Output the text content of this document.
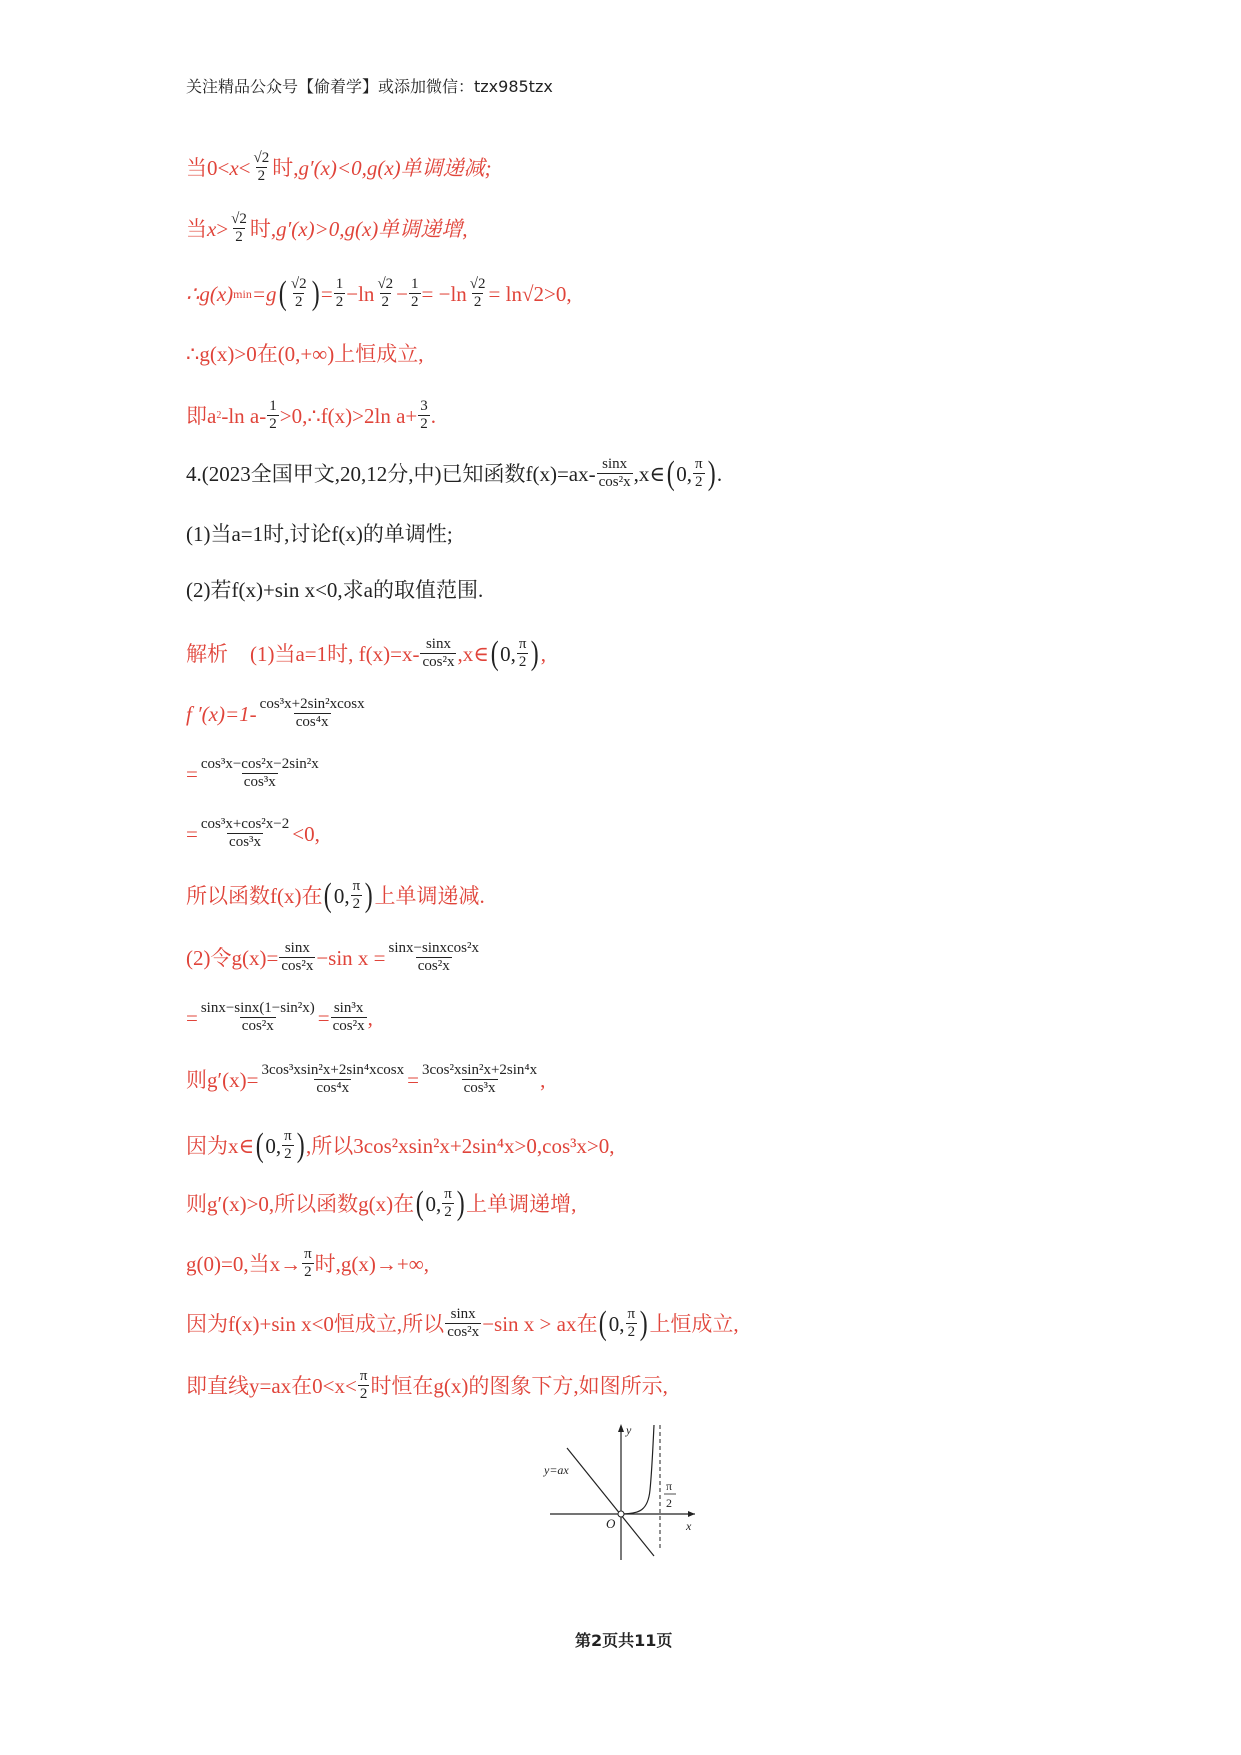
关注精品公众号【偷着学】或添加微信：tzx985tzx
当$0< x < \frac{√2}{2}$ 时, g′(x)<0,g(x)单调递减;
当 $x > \frac{√2}{2}$ 时, g′(x)>0,g(x)单调递增,
∴g(x) min =g ( $\frac{√2}{2}$ ) = $\frac{1}{2} -\ln \frac{√2}{2} - \frac{1}{2} = -\ln \frac{√2}{2} = \ln√2>0$,
∴g(x)>0在(0,+∞)上恒成立,
即a 2 -ln $a- \frac{1}{2}$ >0,∴f(x)>2ln $a+ \frac{3}{2}$ .
4.(2023全国甲文,20,12分,中)已知函数$f(x)=ax- \frac{\sin x}{\text{cos²x}}$ ,x∈ ( 0, $\frac{\pi}{2}$ ) .
(1)当a=1时,讨论f(x)的单调性;
(2)若f(x)+sin x<0,求a的取值范围.
解析 (1)当a=1时, $f(x)=x- \frac{\sin x}{\text{cos²x}}$ ,x∈ ( 0, $\frac{\pi}{2}$ ) ,
f $'(x)=1- \frac{\text{cos³x+2sin²xcosx}}{\text{cos⁴x}}$
= $\frac{\text{cos³x−cos²x−2sin²x}}{\text{cos³x}}$
= $\frac{\text{cos³x+cos²x−2}}{\text{cos³x}} <0$,
所以函数f(x)在 ( 0, $\frac{\pi}{2}$ ) 上单调递减.
(2)令$g(x)= \frac{\sin x}{\text{cos²x}} -\sin$ $x = \frac{\text{sinx−sinxcos²x}}{\text{cos²x}}$
= $\frac{\text{sinx−sinx(1−sin²x)}}{\text{cos²x}} = \frac{\text{sin³x}}{\text{cos²x}}$ ,
则$g'(x)= \frac{\text{3cos³xsin²x+2sin⁴xcosx}}{\text{cos⁴x}} = \frac{\text{3cos²xsin²x+2sin⁴x}}{\text{cos³x}}$ ,
因为x∈ ( 0, $\frac{\pi}{2}$ ) ,所以3cos²xsin²x+2sin⁴x>0,cos³x>0,
则g′(x)>0,所以函数g(x)在 ( 0, $\frac{\pi}{2}$ ) 上单调递增,
g(0)=0,当$x\to \frac{\pi}{2}$ 时,g(x)→+∞,
因为f(x)+sin x<0恒成立,所以 $\frac{\sin x}{\text{cos²x}} -\sin$ x > ax在 ( 0, $\frac{\pi}{2}$ ) 上恒成立,
即直线y=ax在$0<x< \frac{\pi}{2}$ 时恒在g(x)的图象下方,如图所示,
y=ax
y
x
O
π
2
第2页共11页
